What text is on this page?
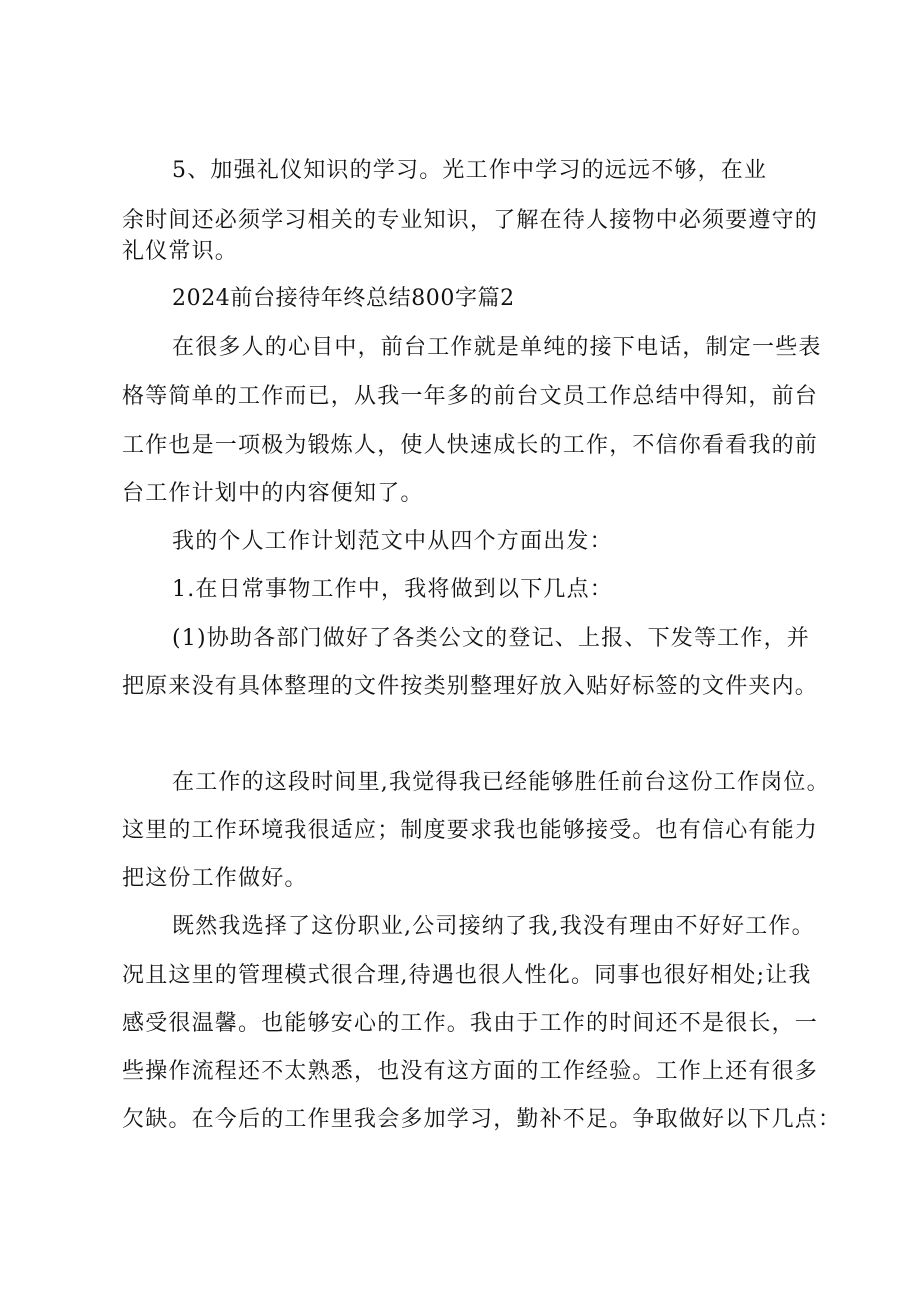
5、加强礼仪知识的学习。光工作中学习的远远不够，在业
余时间还必须学习相关的专业知识，了解在待人接物中必须要遵守的
礼仪常识。
2024前台接待年终总结800字篇2
在很多人的心目中，前台工作就是单纯的接下电话，制定一些表
格等简单的工作而已，从我一年多的前台文员工作总结中得知，前台
工作也是一项极为锻炼人，使人快速成长的工作，不信你看看我的前
台工作计划中的内容便知了。
我的个人工作计划范文中从四个方面出发：
1.在日常事物工作中，我将做到以下几点：
(1)协助各部门做好了各类公文的登记、上报、下发等工作，并
把原来没有具体整理的文件按类别整理好放入贴好标签的文件夹内。
在工作的这段时间里,我觉得我已经能够胜任前台这份工作岗位。
这里的工作环境我很适应；制度要求我也能够接受。也有信心有能力
把这份工作做好。
既然我选择了这份职业,公司接纳了我,我没有理由不好好工作。
况且这里的管理模式很合理,待遇也很人性化。同事也很好相处;让我
感受很温馨。也能够安心的工作。我由于工作的时间还不是很长，一
些操作流程还不太熟悉，也没有这方面的工作经验。工作上还有很多
欠缺。在今后的工作里我会多加学习，勤补不足。争取做好以下几点：
